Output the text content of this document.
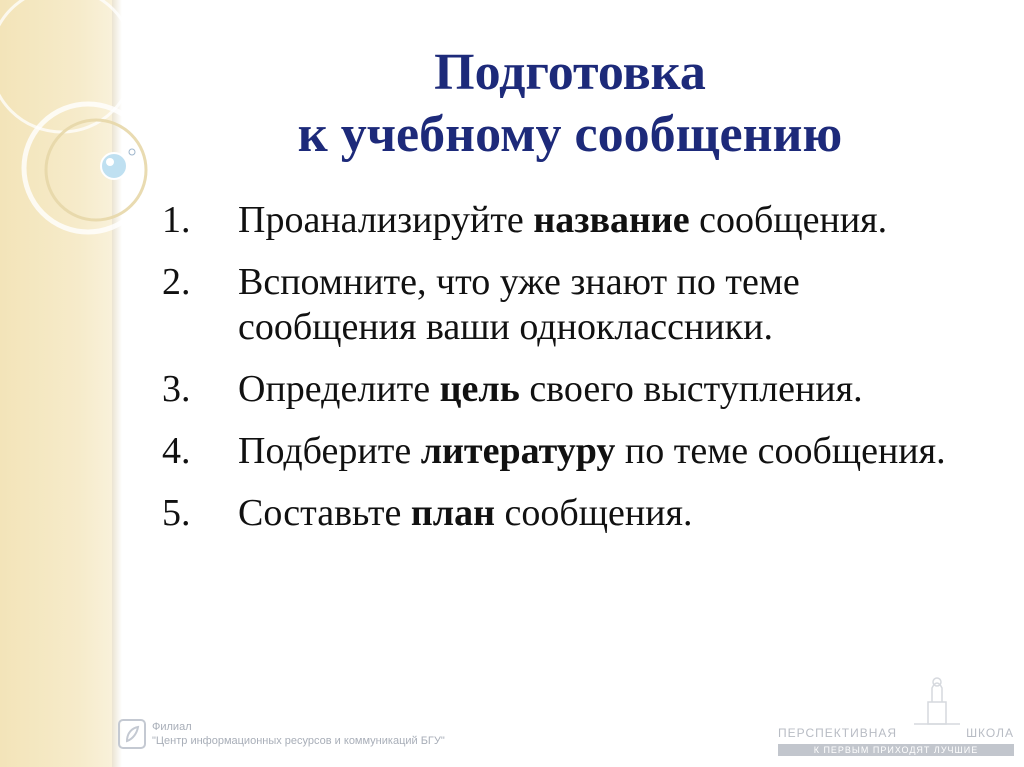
Подготовка
к учебному сообщению
1. Проанализируйте название сообщения.
2. Вспомните, что уже знают по теме сообщения ваши одноклассники.
3. Определите цель своего выступления.
4. Подберите литературу по теме сообщения.
5. Составьте план сообщения.
Филиал
"Центр информационных ресурсов и коммуникаций БГУ"
ПЕРСПЕКТИВНАЯ	ШКОЛА
К ПЕРВЫМ ПРИХОДЯТ ЛУЧШИЕ
